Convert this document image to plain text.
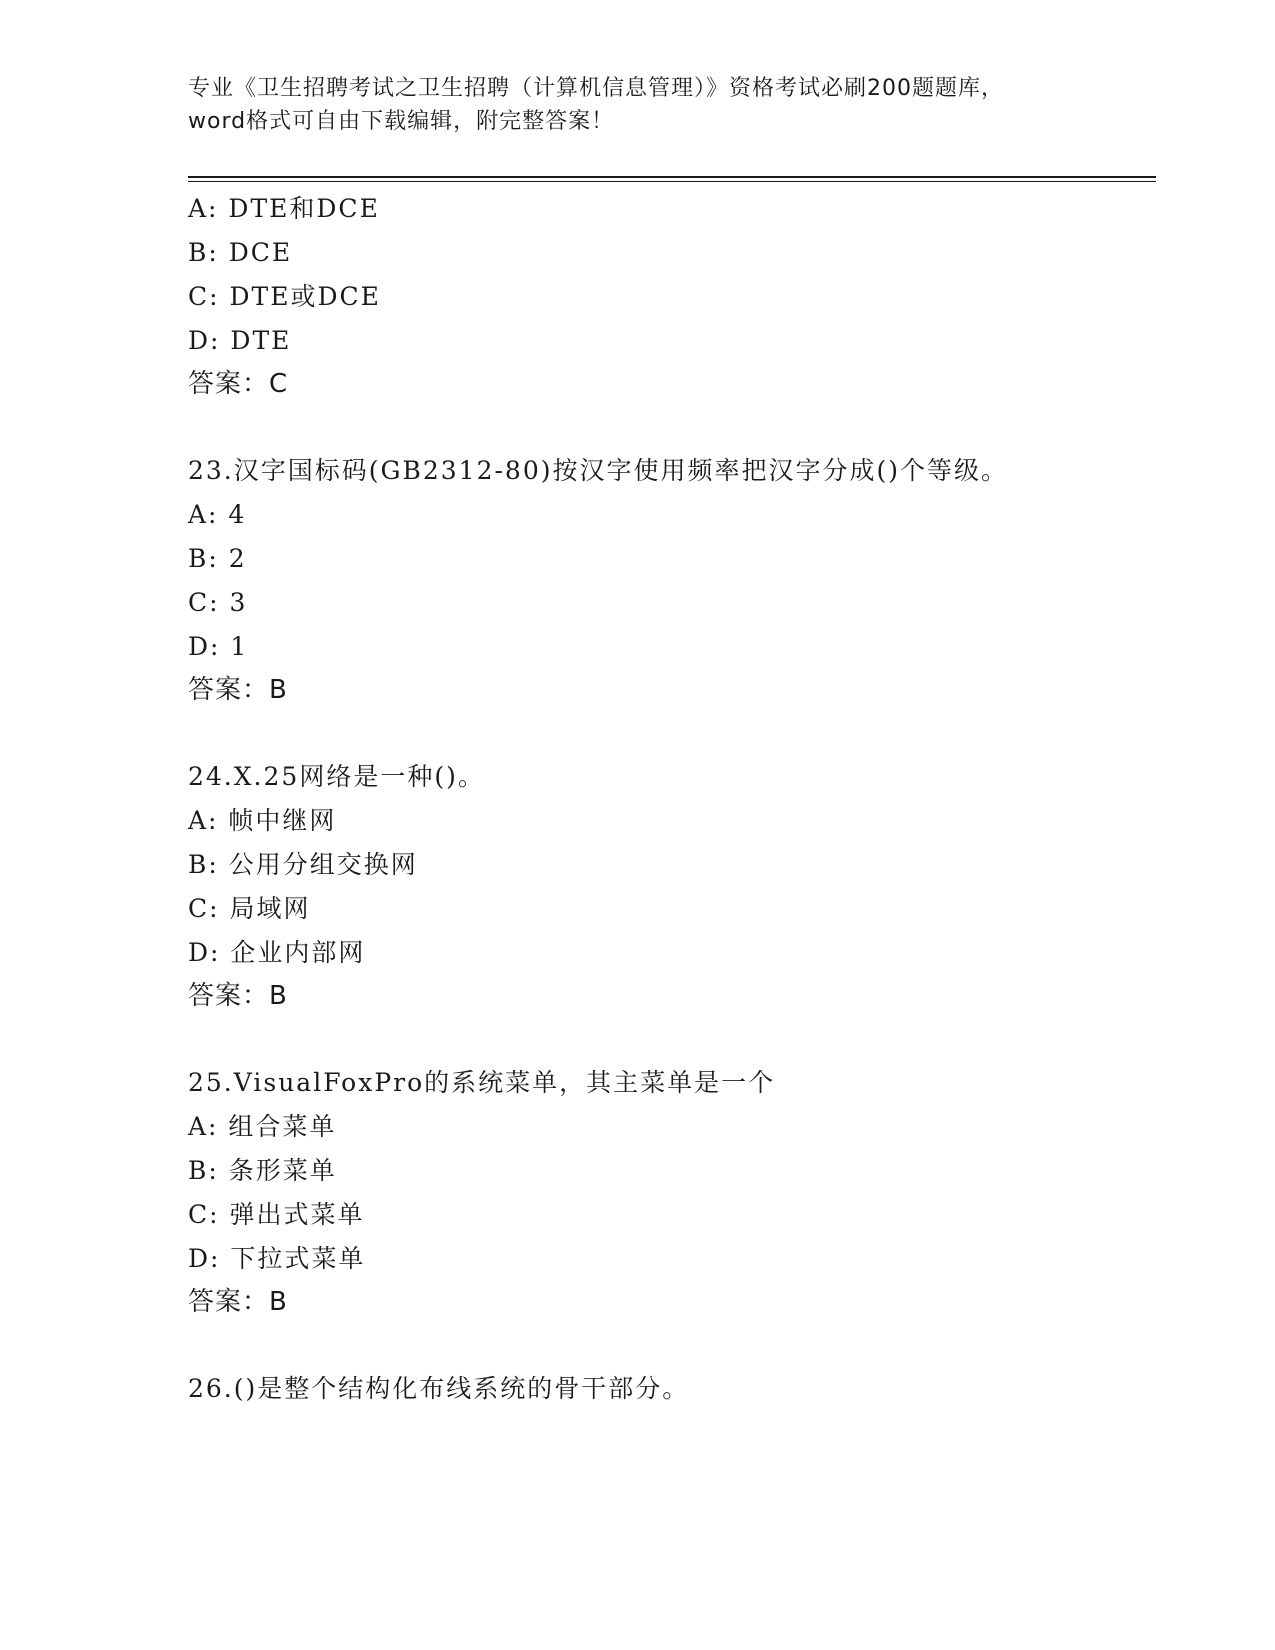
专业《卫生招聘考试之卫生招聘（计算机信息管理）》资格考试必刷200题题库，
word格式可自由下载编辑，附完整答案！
A: DTE和DCE
B: DCE
C: DTE或DCE
D: DTE
答案：C
23.汉字国标码(GB2312-80)按汉字使用频率把汉字分成()个等级。
A: 4
B: 2
C: 3
D: 1
答案：B
24.X.25网络是一种()。
A: 帧中继网
B: 公用分组交换网
C: 局域网
D: 企业内部网
答案：B
25.VisualFoxPro的系统菜单，其主菜单是一个
A: 组合菜单
B: 条形菜单
C: 弹出式菜单
D: 下拉式菜单
答案：B
26.()是整个结构化布线系统的骨干部分。
